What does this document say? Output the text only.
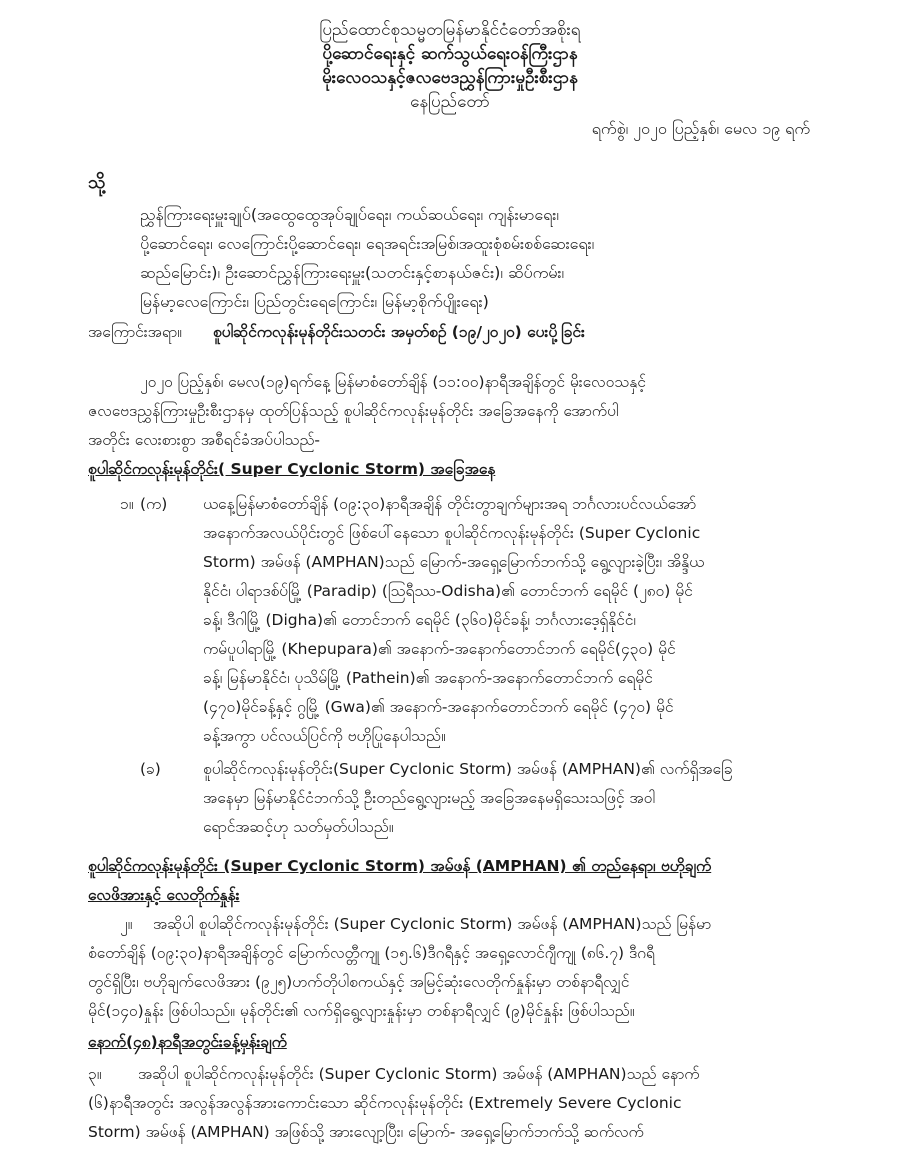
ပြည်ထောင်စုသမ္မတမြန်မာနိုင်ငံတော်အစိုးရ
ပို့ဆောင်ရေးနှင့် ဆက်သွယ်ရေးဝန်ကြီးဌာန
မိုးလေဝသနှင့်ဇလဗေဒညွှန်ကြားမှုဦးစီးဌာန
နေပြည်တော်
ရက်စွဲ၊ ၂၀၂၀ ပြည့်နှစ်၊ မေလ ၁၉ ရက်
သို့
ညွှန်ကြားရေးမှူးချုပ်(အထွေထွေအုပ်ချုပ်ရေး၊ ကယ်ဆယ်ရေး၊ ကျန်းမာရေး၊
ပို့ဆောင်ရေး၊ လေကြောင်းပို့ဆောင်ရေး၊ ရေအရင်းအမြစ်၊အထူးစုံစမ်းစစ်ဆေးရေး၊
ဆည်မြောင်း)၊ ဦးဆောင်ညွှန်ကြားရေးမှူး(သတင်းနှင့်စာနယ်ဇင်း)၊ ဆိပ်ကမ်း၊
မြန်မာ့လေကြောင်း၊ ပြည်တွင်းရေကြောင်း၊ မြန်မာ့စိုက်ပျိုးရေး)
အကြောင်းအရာ။ စူပါဆိုင်ကလုန်းမုန်တိုင်းသတင်း အမှတ်စဉ် (၁၉/၂၀၂၀) ပေးပို့ခြင်း
၂၀၂၀ ပြည့်နှစ်၊ မေလ(၁၉)ရက်နေ့ မြန်မာစံတော်ချိန် (၁၁:၀၀)နာရီအချိန်တွင် မိုးလေဝသနှင့်
ဇလဗေဒညွှန်ကြားမှုဦးစီးဌာနမှ ထုတ်ပြန်သည့် စူပါဆိုင်ကလုန်းမုန်တိုင်း အခြေအနေကို အောက်ပါ
အတိုင်း လေးစားစွာ အစီရင်ခံအပ်ပါသည်-
စူပါဆိုင်ကလုန်းမုန်တိုင်း( Super Cyclonic Storm) အခြေအနေ
၁။ (က) ယနေ့မြန်မာစံတော်ချိန် (၀၉:၃၀)နာရီအချိန် တိုင်းတွာချက်များအရ ဘင်္ဂလားပင်လယ်အော်
အနောက်အလယ်ပိုင်းတွင် ဖြစ်ပေါ်နေသော စူပါဆိုင်ကလုန်းမုန်တိုင်း (Super Cyclonic
Storm) အမ်ဖန် (AMPHAN)သည် မြောက်-အရှေ့မြောက်ဘက်သို့ ရွေ့လျားခဲ့ပြီး၊ အိန္ဒိယ
နိုင်ငံ၊ ပါရာဒစ်ပ်မြို့ (Paradip) (ဩရီဿ-Odisha)၏ တောင်ဘက် ရေမိုင် (၂၈၀) မိုင်
ခန့်၊ ဒီဂါမြို့ (Digha)၏ တောင်ဘက် ရေမိုင် (၃၆၀)မိုင်ခန့်၊ ဘင်္ဂလားဒေ့ရှ်နိုင်ငံ၊
ကမ်ပူပါရာမြို့ (Khepupara)၏ အနောက်-အနောက်တောင်ဘက် ရေမိုင်(၄၃၀) မိုင်
ခန့်၊ မြန်မာနိုင်ငံ၊ ပုသိမ်မြို့ (Pathein)၏ အနောက်-အနောက်တောင်ဘက် ရေမိုင်
(၄၇၀)မိုင်ခန့်နှင့် ဂွမြို့ (Gwa)၏ အနောက်-အနောက်တောင်ဘက် ရေမိုင် (၄၇၀) မိုင်
ခန့်အကွာ ပင်လယ်ပြင်ကို ဗဟိုပြုနေပါသည်။
(ခ)	စူပါဆိုင်ကလုန်းမုန်တိုင်း(Super Cyclonic Storm) အမ်ဖန် (AMPHAN)၏ လက်ရှိအခြေ
အနေမှာ မြန်မာနိုင်ငံဘက်သို့ ဦးတည်ရွေ့လျားမည့် အခြေအနေမရှိသေးသဖြင့် အဝါ
ရောင်အဆင့်ဟု သတ်မှတ်ပါသည်။
စူပါဆိုင်ကလုန်းမုန်တိုင်း (Super Cyclonic Storm) အမ်ဖန် (AMPHAN) ၏ တည်နေရာ၊ ဗဟိုချက်
လေဖိအားနှင့် လေတိုက်နှုန်း
၂။	အဆိုပါ စူပါဆိုင်ကလုန်းမုန်တိုင်း (Super Cyclonic Storm) အမ်ဖန် (AMPHAN)သည် မြန်မာ
စံတော်ချိန် (၀၉:၃၀)နာရီအချိန်တွင် မြောက်လတ္တီကျု (၁၅.၆)ဒီဂရီနှင့် အရှေ့လောင်ဂျီကျု (၈၆.၇) ဒီဂရီ
တွင်ရှိပြီး၊ ဗဟိုချက်လေဖိအား (၉၂၅)ဟက်တိုပါစကယ်နှင့် အမြင့်ဆုံးလေတိုက်နှုန်းမှာ တစ်နာရီလျှင်
မိုင်(၁၄၀)နှုန်း ဖြစ်ပါသည်။ မုန်တိုင်း၏ လက်ရှိရွေ့လျားနှုန်းမှာ တစ်နာရီလျှင် (၉)မိုင်နှုန်း ဖြစ်ပါသည်။
နောက်(၄၈)နာရီအတွင်းခန့်မှန်းချက်
၃။	အဆိုပါ စူပါဆိုင်ကလုန်းမုန်တိုင်း (Super Cyclonic Storm) အမ်ဖန် (AMPHAN)သည် နောက်
(၆)နာရီအတွင်း အလွန်အလွန်အားကောင်းသော ဆိုင်ကလုန်းမုန်တိုင်း (Extremely Severe Cyclonic
Storm) အမ်ဖန် (AMPHAN) အဖြစ်သို့ အားလျော့ပြီး၊ မြောက်- အရှေ့မြောက်ဘက်သို့ ဆက်လက်
